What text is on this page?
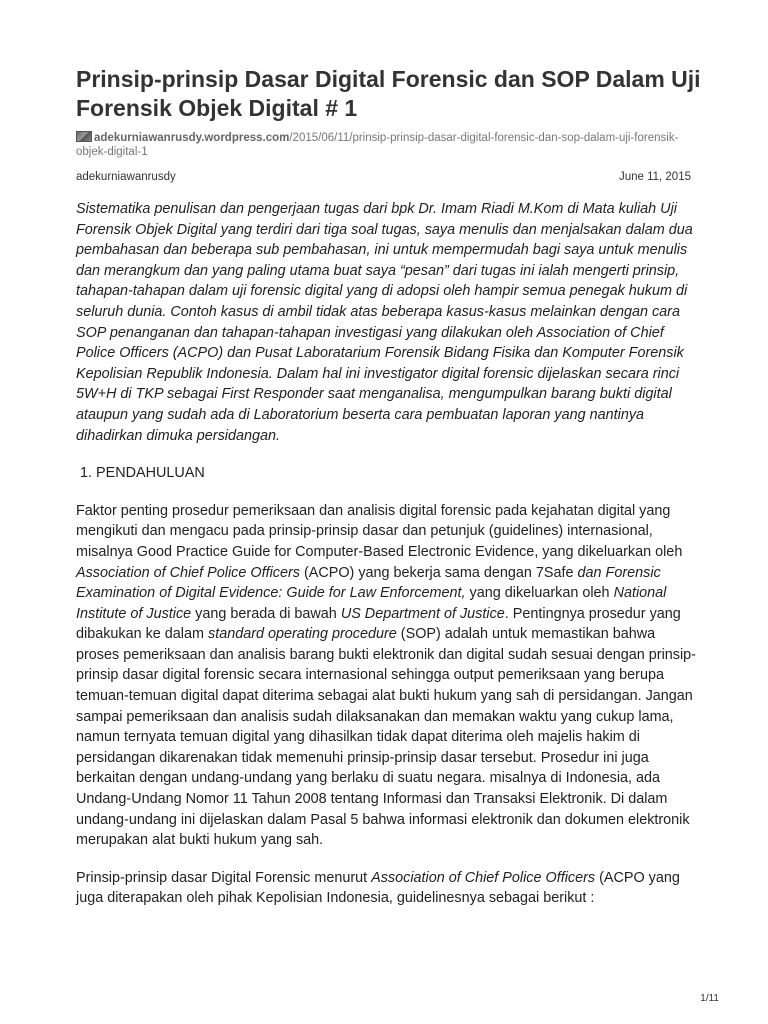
Prinsip-prinsip Dasar Digital Forensic dan SOP Dalam Uji Forensik Objek Digital # 1
adekurniawanrusdy.wordpress.com/2015/06/11/prinsip-prinsip-dasar-digital-forensic-dan-sop-dalam-uji-forensik-objek-digital-1
adekurniawanrusdy	June 11, 2015

Sistematika penulisan dan pengerjaan tugas dari bpk Dr. Imam Riadi M.Kom di Mata kuliah Uji Forensik Objek Digital yang terdiri dari tiga soal tugas, saya menulis dan menjalsakan dalam dua pembahasan dan beberapa sub pembahasan, ini untuk mempermudah bagi saya untuk menulis dan merangkum dan yang paling utama buat saya “pesan” dari tugas ini ialah mengerti prinsip, tahapan-tahapan dalam uji forensic digital yang di adopsi oleh hampir semua penegak hukum di seluruh dunia. Contoh kasus di ambil tidak atas beberapa kasus-kasus melainkan dengan cara SOP penanganan dan tahapan-tahapan investigasi yang dilakukan oleh Association of Chief Police Officers (ACPO) dan Pusat Laboratarium Forensik Bidang Fisika dan Komputer Forensik Kepolisian Republik Indonesia. Dalam hal ini investigator digital forensic dijelaskan secara rinci 5W+H di TKP sebagai First Responder saat menganalisa, mengumpulkan barang bukti digital ataupun yang sudah ada di Laboratorium beserta cara pembuatan laporan yang nantinya dihadirkan dimuka persidangan.

1. PENDAHULUAN

Faktor penting prosedur pemeriksaan dan analisis digital forensic pada kejahatan digital yang mengikuti dan mengacu pada prinsip-prinsip dasar dan petunjuk (guidelines) internasional, misalnya Good Practice Guide for Computer-Based Electronic Evidence, yang dikeluarkan oleh Association of Chief Police Officers (ACPO) yang bekerja sama dengan 7Safe dan Forensic Examination of Digital Evidence: Guide for Law Enforcement, yang dikeluarkan oleh National Institute of Justice yang berada di bawah US Department of Justice. Pentingnya prosedur yang dibakukan ke dalam standard operating procedure (SOP) adalah untuk memastikan bahwa proses pemeriksaan dan analisis barang bukti elektronik dan digital sudah sesuai dengan prinsip-prinsip dasar digital forensic secara internasional sehingga output pemeriksaan yang berupa temuan-temuan digital dapat diterima sebagai alat bukti hukum yang sah di persidangan. Jangan sampai pemeriksaan dan analisis sudah dilaksanakan dan memakan waktu yang cukup lama, namun ternyata temuan digital yang dihasilkan tidak dapat diterima oleh majelis hakim di persidangan dikarenakan tidak memenuhi prinsip-prinsip dasar tersebut. Prosedur ini juga berkaitan dengan undang-undang yang berlaku di suatu negara. misalnya di Indonesia, ada Undang-Undang Nomor 11 Tahun 2008 tentang Informasi dan Transaksi Elektronik. Di dalam undang-undang ini dijelaskan dalam Pasal 5 bahwa informasi elektronik dan dokumen elektronik merupakan alat bukti hukum yang sah.

Prinsip-prinsip dasar Digital Forensic menurut Association of Chief Police Officers (ACPO yang juga diterapakan oleh pihak Kepolisian Indonesia, guidelinesnya sebagai berikut :

1/11
